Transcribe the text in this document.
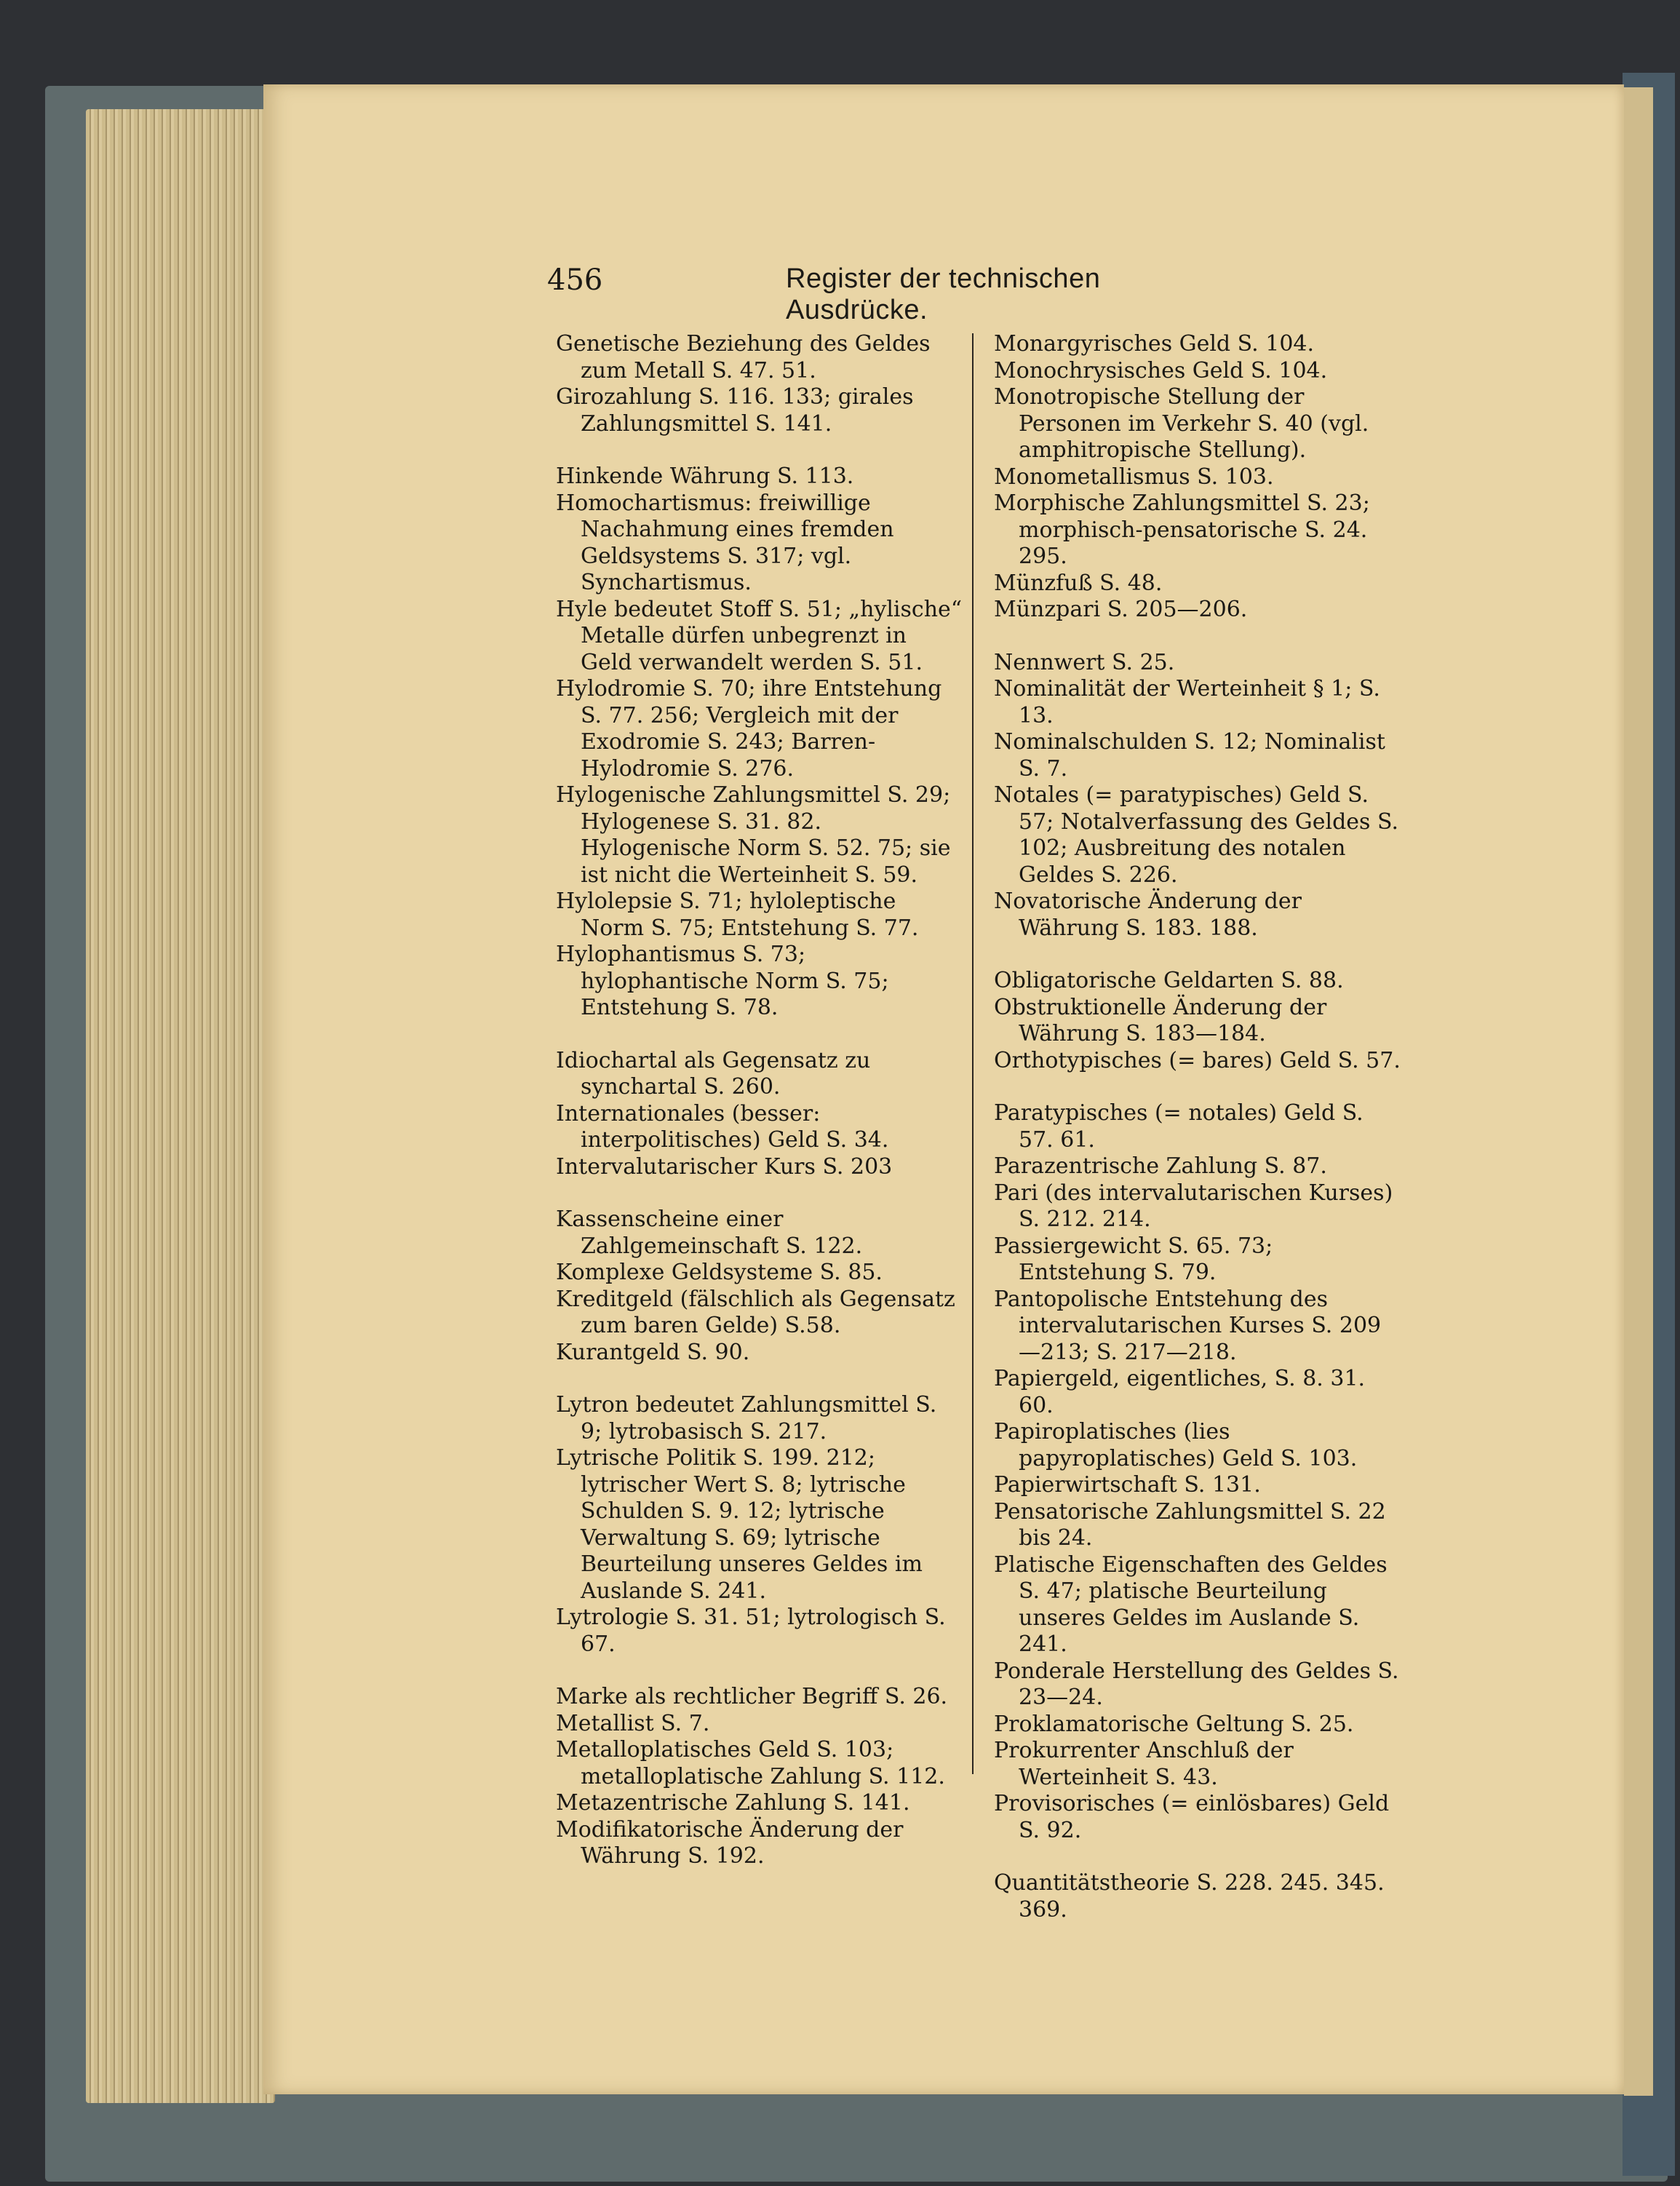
456	Register der technischen Ausdrücke.

Genetische Beziehung des Geldes zum Metall S. 47. 51.

Girozahlung S. 116. 133; girales Zahlungsmittel S. 141.

Hinkende Währung S. 113.

Homochartismus: freiwillige Nachahmung eines fremden Geldsystems S. 317; vgl. Synchartismus.

Hyle bedeutet Stoff S. 51; „hylische“ Metalle dürfen unbegrenzt in Geld verwandelt werden S. 51.

Hylodromie S. 70; ihre Entstehung S. 77. 256; Vergleich mit der Exodromie S. 243; Barren-Hylodromie S. 276.

Hylogenische Zahlungsmittel S. 29; Hylogenese S. 31. 82. Hylogenische Norm S. 52. 75; sie ist nicht die Werteinheit S. 59.

Hylolepsie S. 71; hyloleptische Norm S. 75; Entstehung S. 77.

Hylophantismus S. 73; hylophantische Norm S. 75; Entstehung S. 78.

Idiochartal als Gegensatz zu synchartal S. 260.

Internationales (besser: interpolitisches) Geld S. 34.

Intervalutarischer Kurs S. 203

Kassenscheine einer Zahlgemeinschaft S. 122.

Komplexe Geldsysteme S. 85.

Kreditgeld (fälschlich als Gegensatz zum baren Gelde) S.58.

Kurantgeld S. 90.

Lytron bedeutet Zahlungsmittel S. 9; lytrobasisch S. 217.

Lytrische Politik S. 199. 212; lytrischer Wert S. 8; lytrische Schulden S. 9. 12; lytrische Verwaltung S. 69; lytrische Beurteilung unseres Geldes im Auslande S. 241.

Lytrologie S. 31. 51; lytrologisch S. 67.

Marke als rechtlicher Begriff S. 26.

Metallist S. 7.

Metalloplatisches Geld S. 103; metalloplatische Zahlung S. 112.

Metazentrische Zahlung S. 141.

Modifikatorische Änderung der Währung S. 192.

Monargyrisches Geld S. 104.

Monochrysisches Geld S. 104.

Monotropische Stellung der Personen im Verkehr S. 40 (vgl. amphitropische Stellung).

Monometallismus S. 103.

Morphische Zahlungsmittel S. 23; morphisch-pensatorische S. 24. 295.

Münzfuß S. 48.

Münzpari S. 205—206.

Nennwert S. 25.

Nominalität der Werteinheit § 1; S. 13.

Nominalschulden S. 12; Nominalist S. 7.

Notales (= paratypisches) Geld S. 57; Notalverfassung des Geldes S. 102; Ausbreitung des notalen Geldes S. 226.

Novatorische Änderung der Währung S. 183. 188.

Obligatorische Geldarten S. 88.

Obstruktionelle Änderung der Währung S. 183—184.

Orthotypisches (= bares) Geld S. 57.

Paratypisches (= notales) Geld S. 57. 61.

Parazentrische Zahlung S. 87.

Pari (des intervalutarischen Kurses) S. 212. 214.

Passiergewicht S. 65. 73; Entstehung S. 79.

Pantopolische Entstehung des intervalutarischen Kurses S. 209—213; S. 217—218.

Papiergeld, eigentliches, S. 8. 31. 60.

Papiroplatisches (lies papyroplatisches) Geld S. 103.

Papierwirtschaft S. 131.

Pensatorische Zahlungsmittel S. 22 bis 24.

Platische Eigenschaften des Geldes S. 47; platische Beurteilung unseres Geldes im Auslande S. 241.

Ponderale Herstellung des Geldes S. 23—24.

Proklamatorische Geltung S. 25.

Prokurrenter Anschluß der Werteinheit S. 43.

Provisorisches (= einlösbares) Geld S. 92.

Quantitätstheorie S. 228. 245. 345. 369.
